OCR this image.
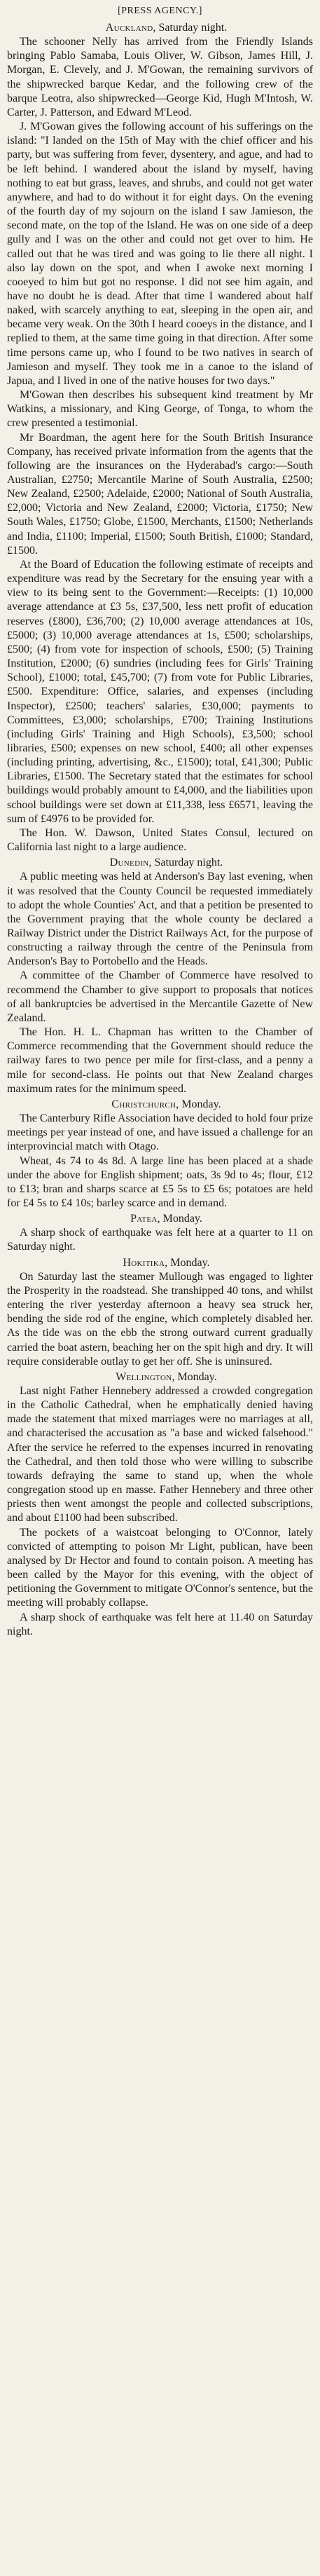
[PRESS AGENCY.]

Auckland, Saturday night.

The schooner Nelly has arrived from the Friendly Islands bringing Pablo Samaba, Louis Oliver, W. Gibson, James Hill, J. Morgan, E. Clevely, and J. M'Gowan, the remaining survivors of the shipwrecked barque Kedar, and the following crew of the barque Leotra, also shipwrecked—George Kid, Hugh M'Intosh, W. Carter, J. Patterson, and Edward M'Leod.

J. M'Gowan gives the following account of his sufferings on the island: "I landed on the 15th of May with the chief officer and his party, but was suffering from fever, dysentery, and ague, and had to be left behind. I wandered about the island by myself, having nothing to eat but grass, leaves, and shrubs, and could not get water anywhere, and had to do without it for eight days. On the evening of the fourth day of my sojourn on the island I saw Jamieson, the second mate, on the top of the Island. He was on one side of a deep gully and I was on the other and could not get over to him. He called out that he was tired and was going to lie there all night. I also lay down on the spot, and when I awoke next morning I cooeyed to him but got no response. I did not see him again, and have no doubt he is dead. After that time I wandered about half naked, with scarcely anything to eat, sleeping in the open air, and became very weak. On the 30th I heard cooeys in the distance, and I replied to them, at the same time going in that direction. After some time persons came up, who I found to be two natives in search of Jamieson and myself. They took me in a canoe to the island of Japua, and I lived in one of the native houses for two days."

M'Gowan then describes his subsequent kind treatment by Mr Watkins, a missionary, and King George, of Tonga, to whom the crew presented a testimonial.

Mr Boardman, the agent here for the South British Insurance Company, has received private information from the agents that the following are the insurances on the Hyderabad's cargo:—South Australian, £2750; Mercantile Marine of South Australia, £2500; New Zealand, £2500; Adelaide, £2000; National of South Australia, £2,000; Victoria and New Zealand, £2000; Victoria, £1750; New South Wales, £1750; Globe, £1500, Merchants, £1500; Netherlands and India, £1100; Imperial, £1500; South British, £1000; Standard, £1500.

At the Board of Education the following estimate of receipts and expenditure was read by the Secretary for the ensuing year with a view to its being sent to the Government:—Receipts: (1) 10,000 average attendance at £3 5s, £37,500, less nett profit of education reserves (£800), £36,700; (2) 10,000 average attendances at 10s, £5000; (3) 10,000 average attendances at 1s, £500; scholarships, £500; (4) from vote for inspection of schools, £500; (5) Training Institution, £2000; (6) sundries (including fees for Girls' Training School), £1000; total, £45,700; (7) from vote for Public Libraries, £500. Expenditure: Office, salaries, and expenses (including Inspector), £2500; teachers' salaries, £30,000; payments to Committees, £3,000; scholarships, £700; Training Institutions (including Girls' Training and High Schools), £3,500; school libraries, £500; expenses on new school, £400; all other expenses (including printing, advertising, &c., £1500); total, £41,300; Public Libraries, £1500. The Secretary stated that the estimates for school buildings would probably amount to £4,000, and the liabilities upon school buildings were set down at £11,338, less £6571, leaving the sum of £4976 to be provided for.

The Hon. W. Dawson, United States Consul, lectured on California last night to a large audience.

Dunedin, Saturday night.

A public meeting was held at Anderson's Bay last evening, when it was resolved that the County Council be requested immediately to adopt the whole Counties' Act, and that a petition be presented to the Government praying that the whole county be declared a Railway District under the District Railways Act, for the purpose of constructing a railway through the centre of the Peninsula from Anderson's Bay to Portobello and the Heads.

A committee of the Chamber of Commerce have resolved to recommend the Chamber to give support to proposals that notices of all bankruptcies be advertised in the Mercantile Gazette of New Zealand.

The Hon. H. L. Chapman has written to the Chamber of Commerce recommending that the Government should reduce the railway fares to two pence per mile for first-class, and a penny a mile for second-class. He points out that New Zealand charges maximum rates for the minimum speed.

Christchurch, Monday.

The Canterbury Rifle Association have decided to hold four prize meetings per year instead of one, and have issued a challenge for an interprovincial match with Otago.

Wheat, 4s 74 to 4s 8d. A large line has been placed at a shade under the above for English shipment; oats, 3s 9d to 4s; flour, £12 to £13; bran and sharps scarce at £5 5s to £5 6s; potatoes are held for £4 5s to £4 10s; barley scarce and in demand.

Patea, Monday.

A sharp shock of earthquake was felt here at a quarter to 11 on Saturday night.

Hokitika, Monday.

On Saturday last the steamer Mullough was engaged to lighter the Prosperity in the roadstead. She transhipped 40 tons, and whilst entering the river yesterday afternoon a heavy sea struck her, bending the side rod of the engine, which completely disabled her. As the tide was on the ebb the strong outward current gradually carried the boat astern, beaching her on the spit high and dry. It will require considerable outlay to get her off. She is uninsured.

Wellington, Monday.

Last night Father Hennebery addressed a crowded congregation in the Catholic Cathedral, when he emphatically denied having made the statement that mixed marriages were no marriages at all, and characterised the accusation as "a base and wicked falsehood." After the service he referred to the expenses incurred in renovating the Cathedral, and then told those who were willing to subscribe towards defraying the same to stand up, when the whole congregation stood up en masse. Father Hennebery and three other priests then went amongst the people and collected subscriptions, and about £1100 had been subscribed.

The pockets of a waistcoat belonging to O'Connor, lately convicted of attempting to poison Mr Light, publican, have been analysed by Dr Hector and found to contain poison. A meeting has been called by the Mayor for this evening, with the object of petitioning the Government to mitigate O'Connor's sentence, but the meeting will probably collapse.

A sharp shock of earthquake was felt here at 11.40 on Saturday night.
